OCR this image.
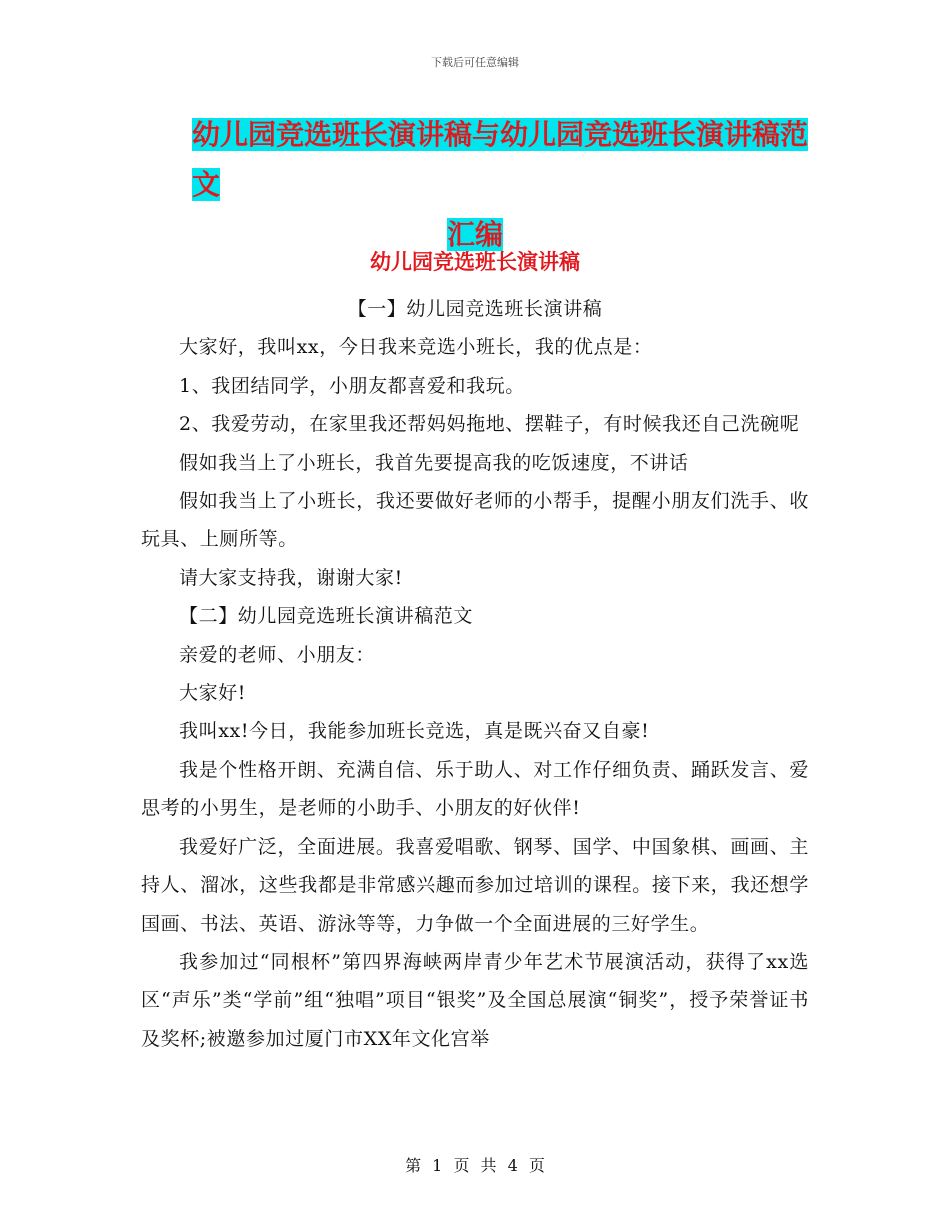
下载后可任意编辑
幼儿园竞选班长演讲稿与幼儿园竞选班长演讲稿范文
汇编
幼儿园竞选班长演讲稿

【一】幼儿园竞选班长演讲稿

大家好，我叫xx，今日我来竞选小班长，我的优点是：

1、我团结同学，小朋友都喜爱和我玩。

2、我爱劳动，在家里我还帮妈妈拖地、摆鞋子，有时候我还自己洗碗呢

假如我当上了小班长，我首先要提高我的吃饭速度，不讲话

假如我当上了小班长，我还要做好老师的小帮手，提醒小朋友们洗手、收玩具、上厕所等。

请大家支持我，谢谢大家!

【二】幼儿园竞选班长演讲稿范文

亲爱的老师、小朋友：

大家好!

我叫xx!今日，我能参加班长竞选，真是既兴奋又自豪!

我是个性格开朗、充满自信、乐于助人、对工作仔细负责、踊跃发言、爱思考的小男生，是老师的小助手、小朋友的好伙伴!

我爱好广泛，全面进展。我喜爱唱歌、钢琴、国学、中国象棋、画画、主持人、溜冰，这些我都是非常感兴趣而参加过培训的课程。接下来，我还想学国画、书法、英语、游泳等等，力争做一个全面进展的三好学生。

我参加过“同根杯”第四界海峡两岸青少年艺术节展演活动，获得了xx选区“声乐”类“学前”组“独唱”项目“银奖”及全国总展演“铜奖”，授予荣誉证书及奖杯;被邀参加过厦门市XX年文化宫举

第 1 页 共 4 页
